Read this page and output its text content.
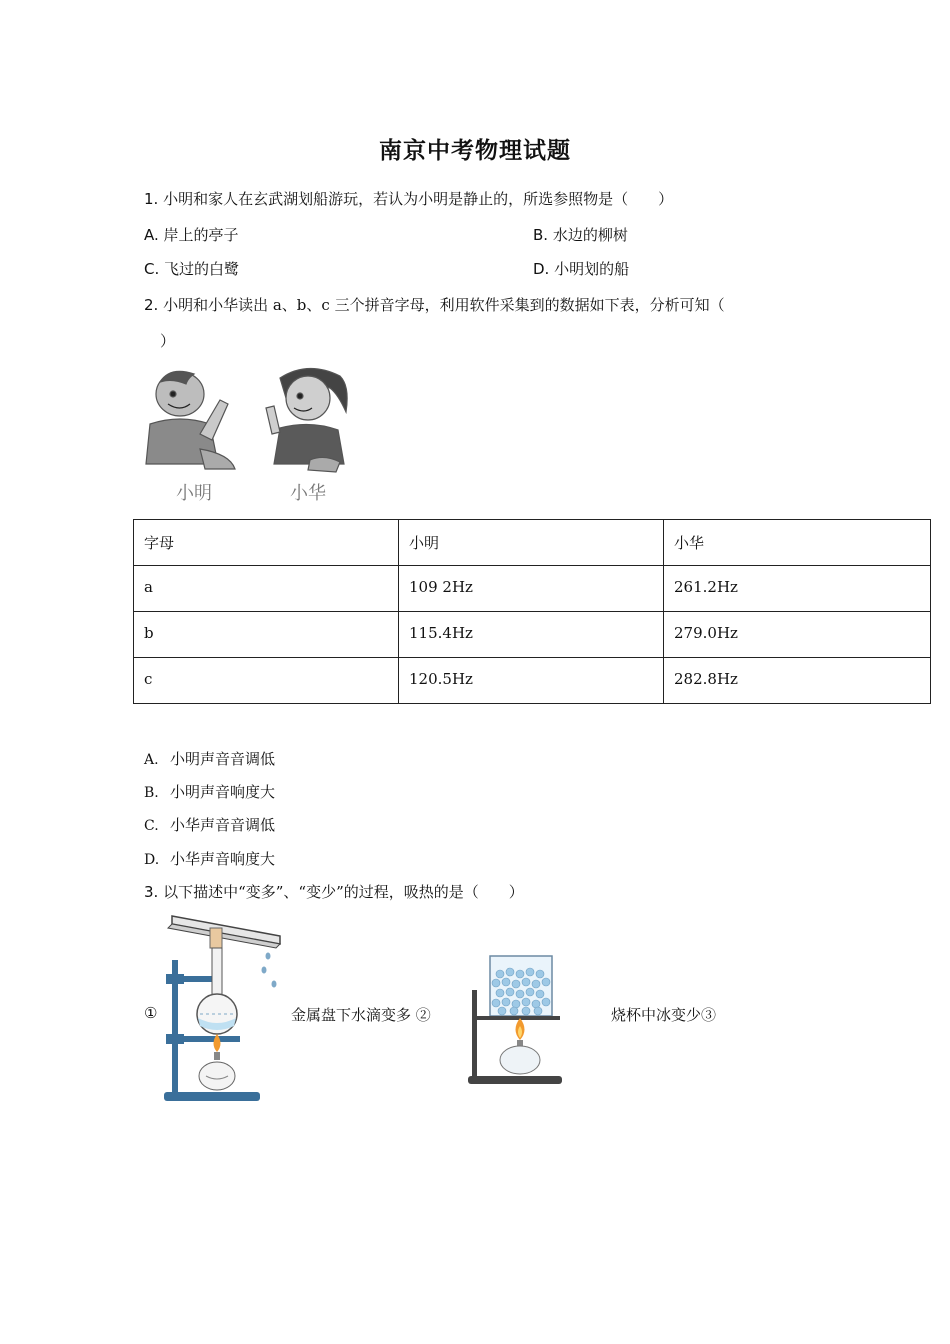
南京中考物理试题
1. 小明和家人在玄武湖划船游玩，若认为小明是静止的，所选参照物是（　　）
A. 岸上的亭子	B. 水边的柳树
C. 飞过的白鹭	D. 小明划的船
2. 小明和小华读出 a、b、c 三个拼音字母，利用软件采集到的数据如下表，分析可知（
）
小明	小华
字母	小明	小华
a	109 2Hz	261.2Hz
b	115.4Hz	279.0Hz
c	120.5Hz	282.8Hz
A. 小明声音音调低
B. 小明声音响度大
C. 小华声音音调低
D. 小华声音响度大
3. 以下描述中“变多”、“变少”的过程，吸热的是（　　）
①	金属盘下水滴变多 ②	烧杯中冰变少③
